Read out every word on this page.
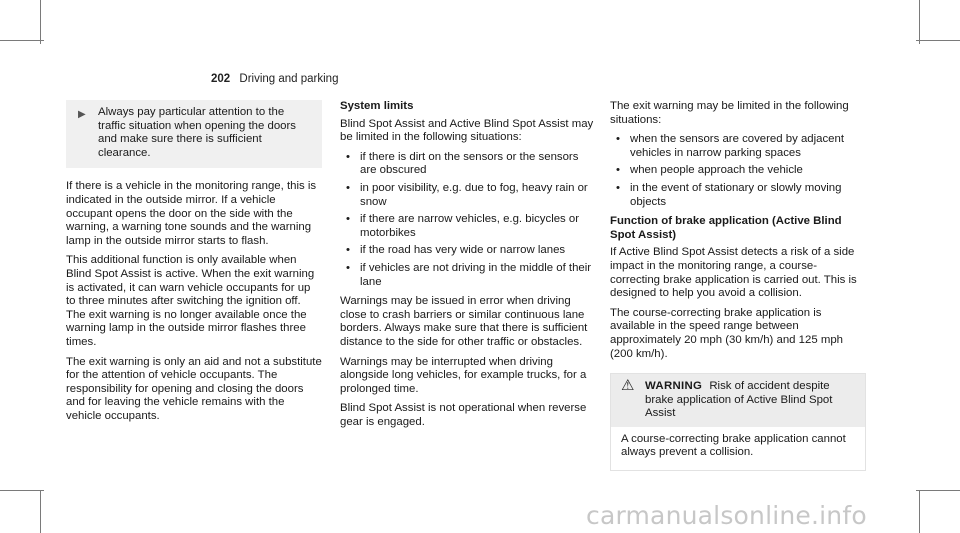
202 Driving and parking
▶ Always pay particular attention to the traffic situation when opening the doors and make sure there is sufficient clearance.

If there is a vehicle in the monitoring range, this is indicated in the outside mirror. If a vehicle occupant opens the door on the side with the warning, a warning tone sounds and the warning lamp in the outside mirror starts to flash.

This additional function is only available when Blind Spot Assist is active. When the exit warning is activated, it can warn vehicle occupants for up to three minutes after switching the ignition off. The exit warning is no longer available once the warning lamp in the outside mirror flashes three times.

The exit warning is only an aid and not a substitute for the attention of vehicle occupants. The responsibility for opening and closing the doors and for leaving the vehicle remains with the vehicle occupants.

System limits

Blind Spot Assist and Active Blind Spot Assist may be limited in the following situations:

• if there is dirt on the sensors or the sensors are obscured
• in poor visibility, e.g. due to fog, heavy rain or snow
• if there are narrow vehicles, e.g. bicycles or motorbikes
• if the road has very wide or narrow lanes
• if vehicles are not driving in the middle of their lane

Warnings may be issued in error when driving close to crash barriers or similar continuous lane borders. Always make sure that there is sufficient distance to the side for other traffic or obstacles.

Warnings may be interrupted when driving alongside long vehicles, for example trucks, for a prolonged time.

Blind Spot Assist is not operational when reverse gear is engaged.

The exit warning may be limited in the following situations:

• when the sensors are covered by adjacent vehicles in narrow parking spaces
• when people approach the vehicle
• in the event of stationary or slowly moving objects
Function of brake application (Active Blind Spot Assist)

If Active Blind Spot Assist detects a risk of a side impact in the monitoring range, a course-correcting brake application is carried out. This is designed to help you avoid a collision.

The course-correcting brake application is available in the speed range between approximately 20 mph (30 km/h) and 125 mph (200 km/h).

⚠ WARNING Risk of accident despite brake application of Active Blind Spot Assist
A course-correcting brake application cannot always prevent a collision.
carmanualsonline.info
